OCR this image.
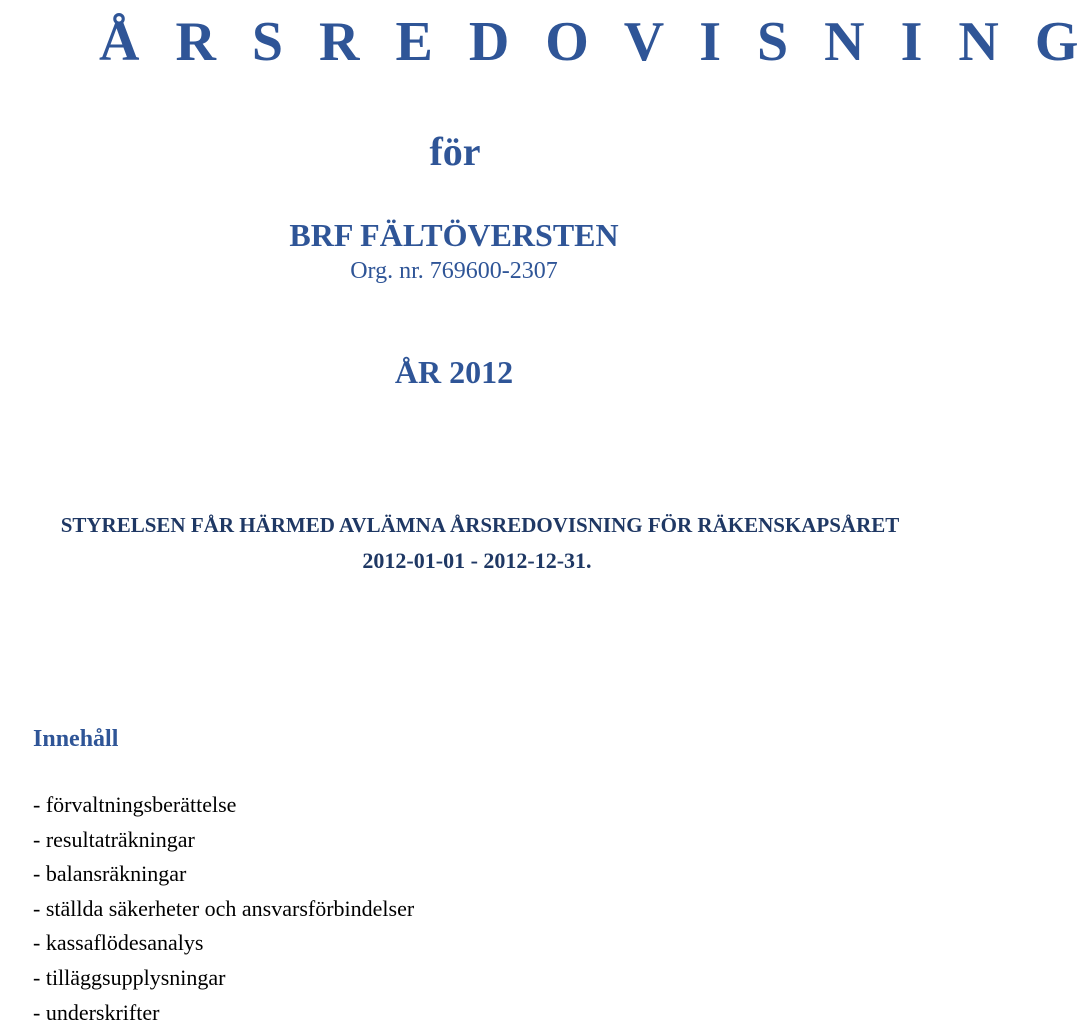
Å R S R E D O V I S N I N G
för
BRF FÄLTÖVERSTEN
Org. nr. 769600-2307
ÅR 2012
STYRELSEN FÅR HÄRMED AVLÄMNA ÅRSREDOVISNING FÖR RÄKENSKAPSÅRET
2012-01-01 - 2012-12-31.
Innehåll
- förvaltningsberättelse
- resultaträkningar
- balansräkningar
- ställda säkerheter och ansvarsförbindelser
- kassaflödesanalys
- tilläggsupplysningar
- underskrifter
